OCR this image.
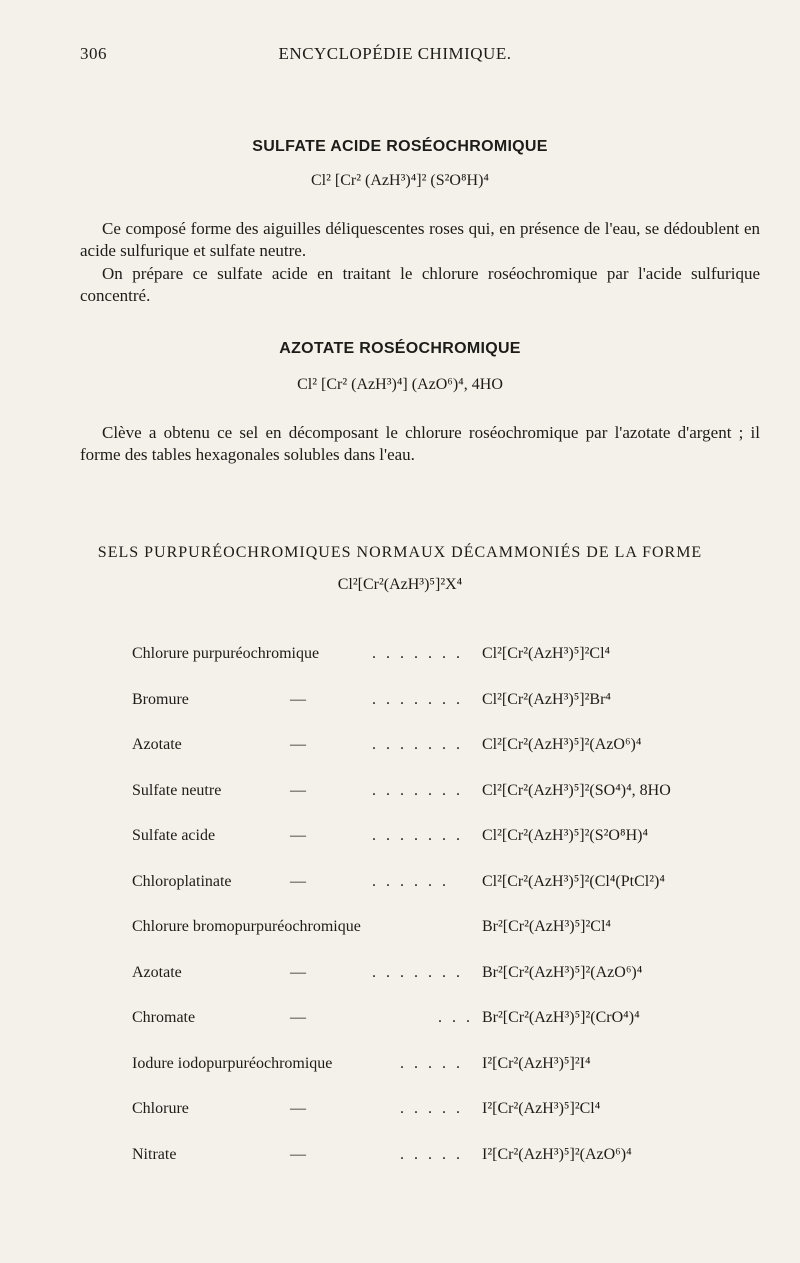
306	ENCYCLOPÉDIE CHIMIQUE.
SULFATE ACIDE ROSÉOCHROMIQUE
Cl² [Cr² (AzH³)⁴]² (S²O⁸H)⁴

Ce composé forme des aiguilles déliquescentes roses qui, en présence de l'eau, se dédoublent en acide sulfurique et sulfate neutre.

On prépare ce sulfate acide en traitant le chlorure roséochromique par l'acide sulfurique concentré.

AZOTATE ROSÉOCHROMIQUE
Cl² [Cr² (AzH³)⁴] (AzO⁶)⁴, 4HO

Clève a obtenu ce sel en décomposant le chlorure roséochromique par l'azotate d'argent ; il forme des tables hexagonales solubles dans l'eau.

SELS PURPURÉOCHROMIQUES NORMAUX DÉCAMMONIÉS DE LA FORME
Cl²[Cr²(AzH³)⁵]²X⁴
Chlorure purpuréochromique	. . . . . . . Cl²[Cr²(AzH³)⁵]²Cl⁴
Bromure	—	. . . . . . . Cl²[Cr²(AzH³)⁵]²Br⁴
Azotate	—	. . . . . . . Cl²[Cr²(AzH³)⁵]²(AzO⁶)⁴
Sulfate neutre	—	. . . . . . . Cl²[Cr²(AzH³)⁵]²(SO⁴)⁴, 8HO
Sulfate acide	—	. . . . . . . Cl²[Cr²(AzH³)⁵]²(S²O⁸H)⁴
Chloroplatinate	—	. . . . . . Cl²[Cr²(AzH³)⁵]²(Cl⁴(PtCl²)⁴
Chlorure bromopurpuréochromique	Br²[Cr²(AzH³)⁵]²Cl⁴
Azotate	—	. . . . . . . Br²[Cr²(AzH³)⁵]²(AzO⁶)⁴
Chromate	—	. . . Br²[Cr²(AzH³)⁵]²(CrO⁴)⁴
Iodure iodopurpuréochromique	. . . . . I²[Cr²(AzH³)⁵]²I⁴
Chlorure	—	. . . . . I²[Cr²(AzH³)⁵]²Cl⁴
Nitrate	—	. . . . . I²[Cr²(AzH³)⁵]²(AzO⁶)⁴
